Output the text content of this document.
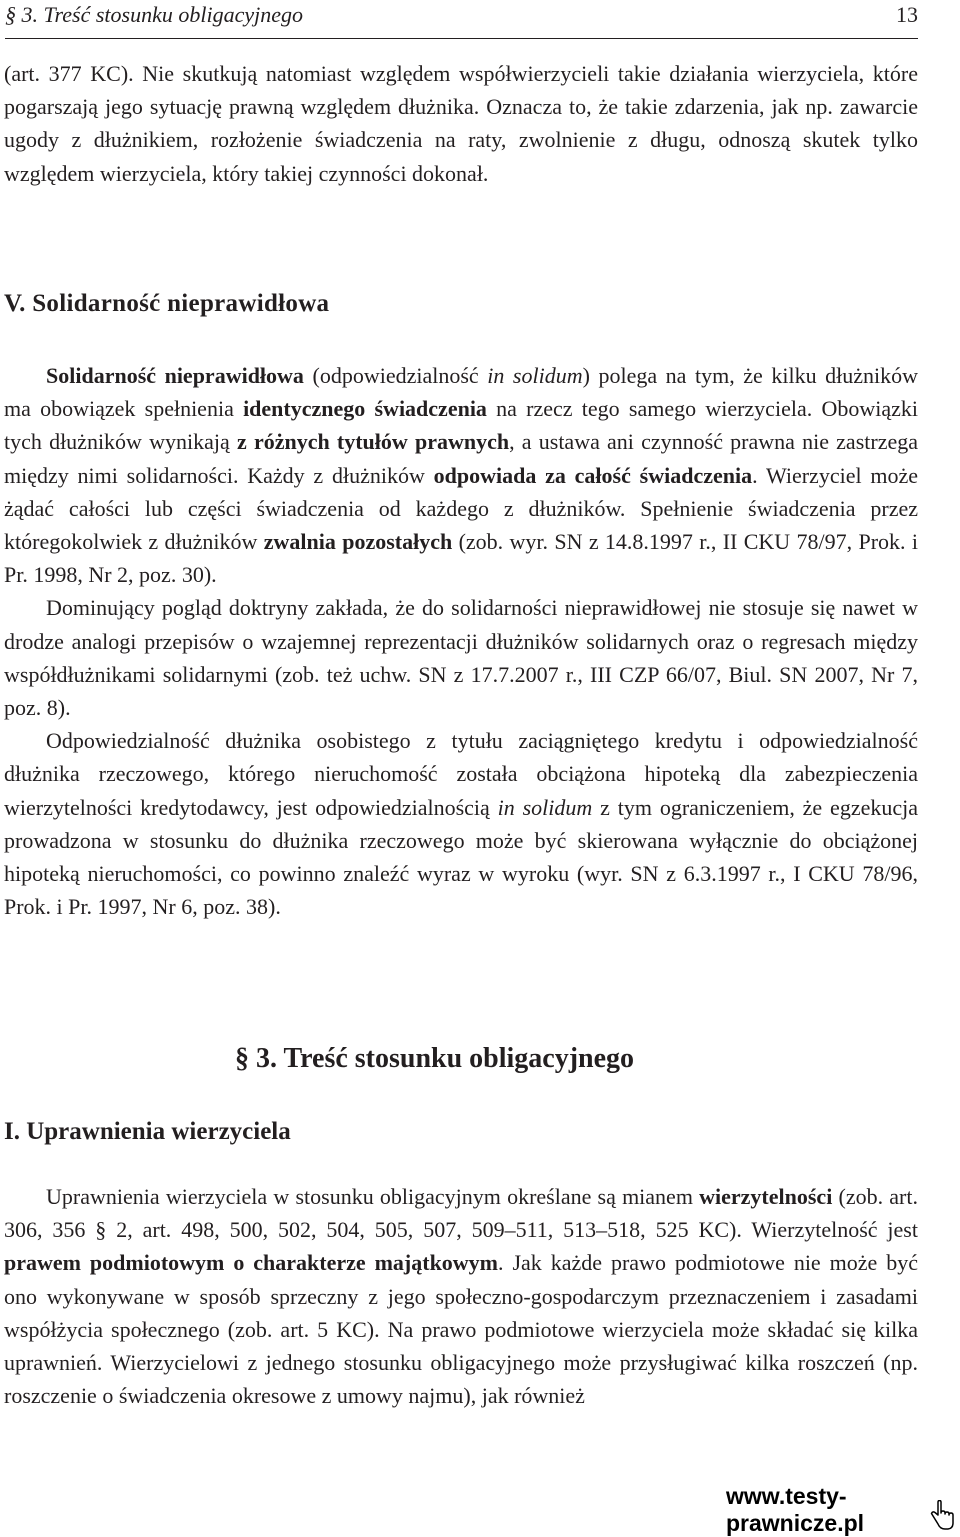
§ 3. Treść stosunku obligacyjnego	13

(art. 377 KC). Nie skutkują natomiast względem współwierzycieli takie działania wierzyciela, które pogarszają jego sytuację prawną względem dłużnika. Oznacza to, że takie zdarzenia, jak np. zawarcie ugody z dłużnikiem, rozłożenie świadczenia na raty, zwolnienie z długu, odnoszą skutek tylko względem wierzyciela, który takiej czynności dokonał.

V. Solidarność nieprawidłowa

Solidarność nieprawidłowa (odpowiedzialność in solidum) polega na tym, że kilku dłużników ma obowiązek spełnienia identycznego świadczenia na rzecz tego samego wierzyciela. Obowiązki tych dłużników wynikają z różnych tytułów prawnych, a ustawa ani czynność prawna nie zastrzega między nimi solidarności. Każdy z dłużników odpowiada za całość świadczenia. Wierzyciel może żądać całości lub części świadczenia od każdego z dłużników. Spełnienie świadczenia przez któregokolwiek z dłużników zwalnia pozostałych (zob. wyr. SN z 14.8.1997 r., II CKU 78/97, Prok. i Pr. 1998, Nr 2, poz. 30).

Dominujący pogląd doktryny zakłada, że do solidarności nieprawidłowej nie stosuje się nawet w drodze analogi przepisów o wzajemnej reprezentacji dłużników solidarnych oraz o regresach między współdłużnikami solidarnymi (zob. też uchw. SN z 17.7.2007 r., III CZP 66/07, Biul. SN 2007, Nr 7, poz. 8).

Odpowiedzialność dłużnika osobistego z tytułu zaciągniętego kredytu i odpowiedzialność dłużnika rzeczowego, którego nieruchomość została obciążona hipoteką dla zabezpieczenia wierzytelności kredytodawcy, jest odpowiedzialnością in solidum z tym ograniczeniem, że egzekucja prowadzona w stosunku do dłużnika rzeczowego może być skierowana wyłącznie do obciążonej hipoteką nieruchomości, co powinno znaleźć wyraz w wyroku (wyr. SN z 6.3.1997 r., I CKU 78/96, Prok. i Pr. 1997, Nr 6, poz. 38).

§ 3. Treść stosunku obligacyjnego
I. Uprawnienia wierzyciela

Uprawnienia wierzyciela w stosunku obligacyjnym określane są mianem wierzytelności (zob. art. 306, 356 § 2, art. 498, 500, 502, 504, 505, 507, 509–511, 513–518, 525 KC). Wierzytelność jest prawem podmiotowym o charakterze majątkowym. Jak każde prawo podmiotowe nie może być ono wykonywane w sposób sprzeczny z jego społeczno-gospodarczym przeznaczeniem i zasadami współżycia społecznego (zob. art. 5 KC). Na prawo podmiotowe wierzyciela może składać się kilka uprawnień. Wierzycielowi z jednego stosunku obligacyjnego może przysługiwać kilka roszczeń (np. roszczenie o świadczenia okresowe z umowy najmu), jak również

www.testy-prawnicze.pl
